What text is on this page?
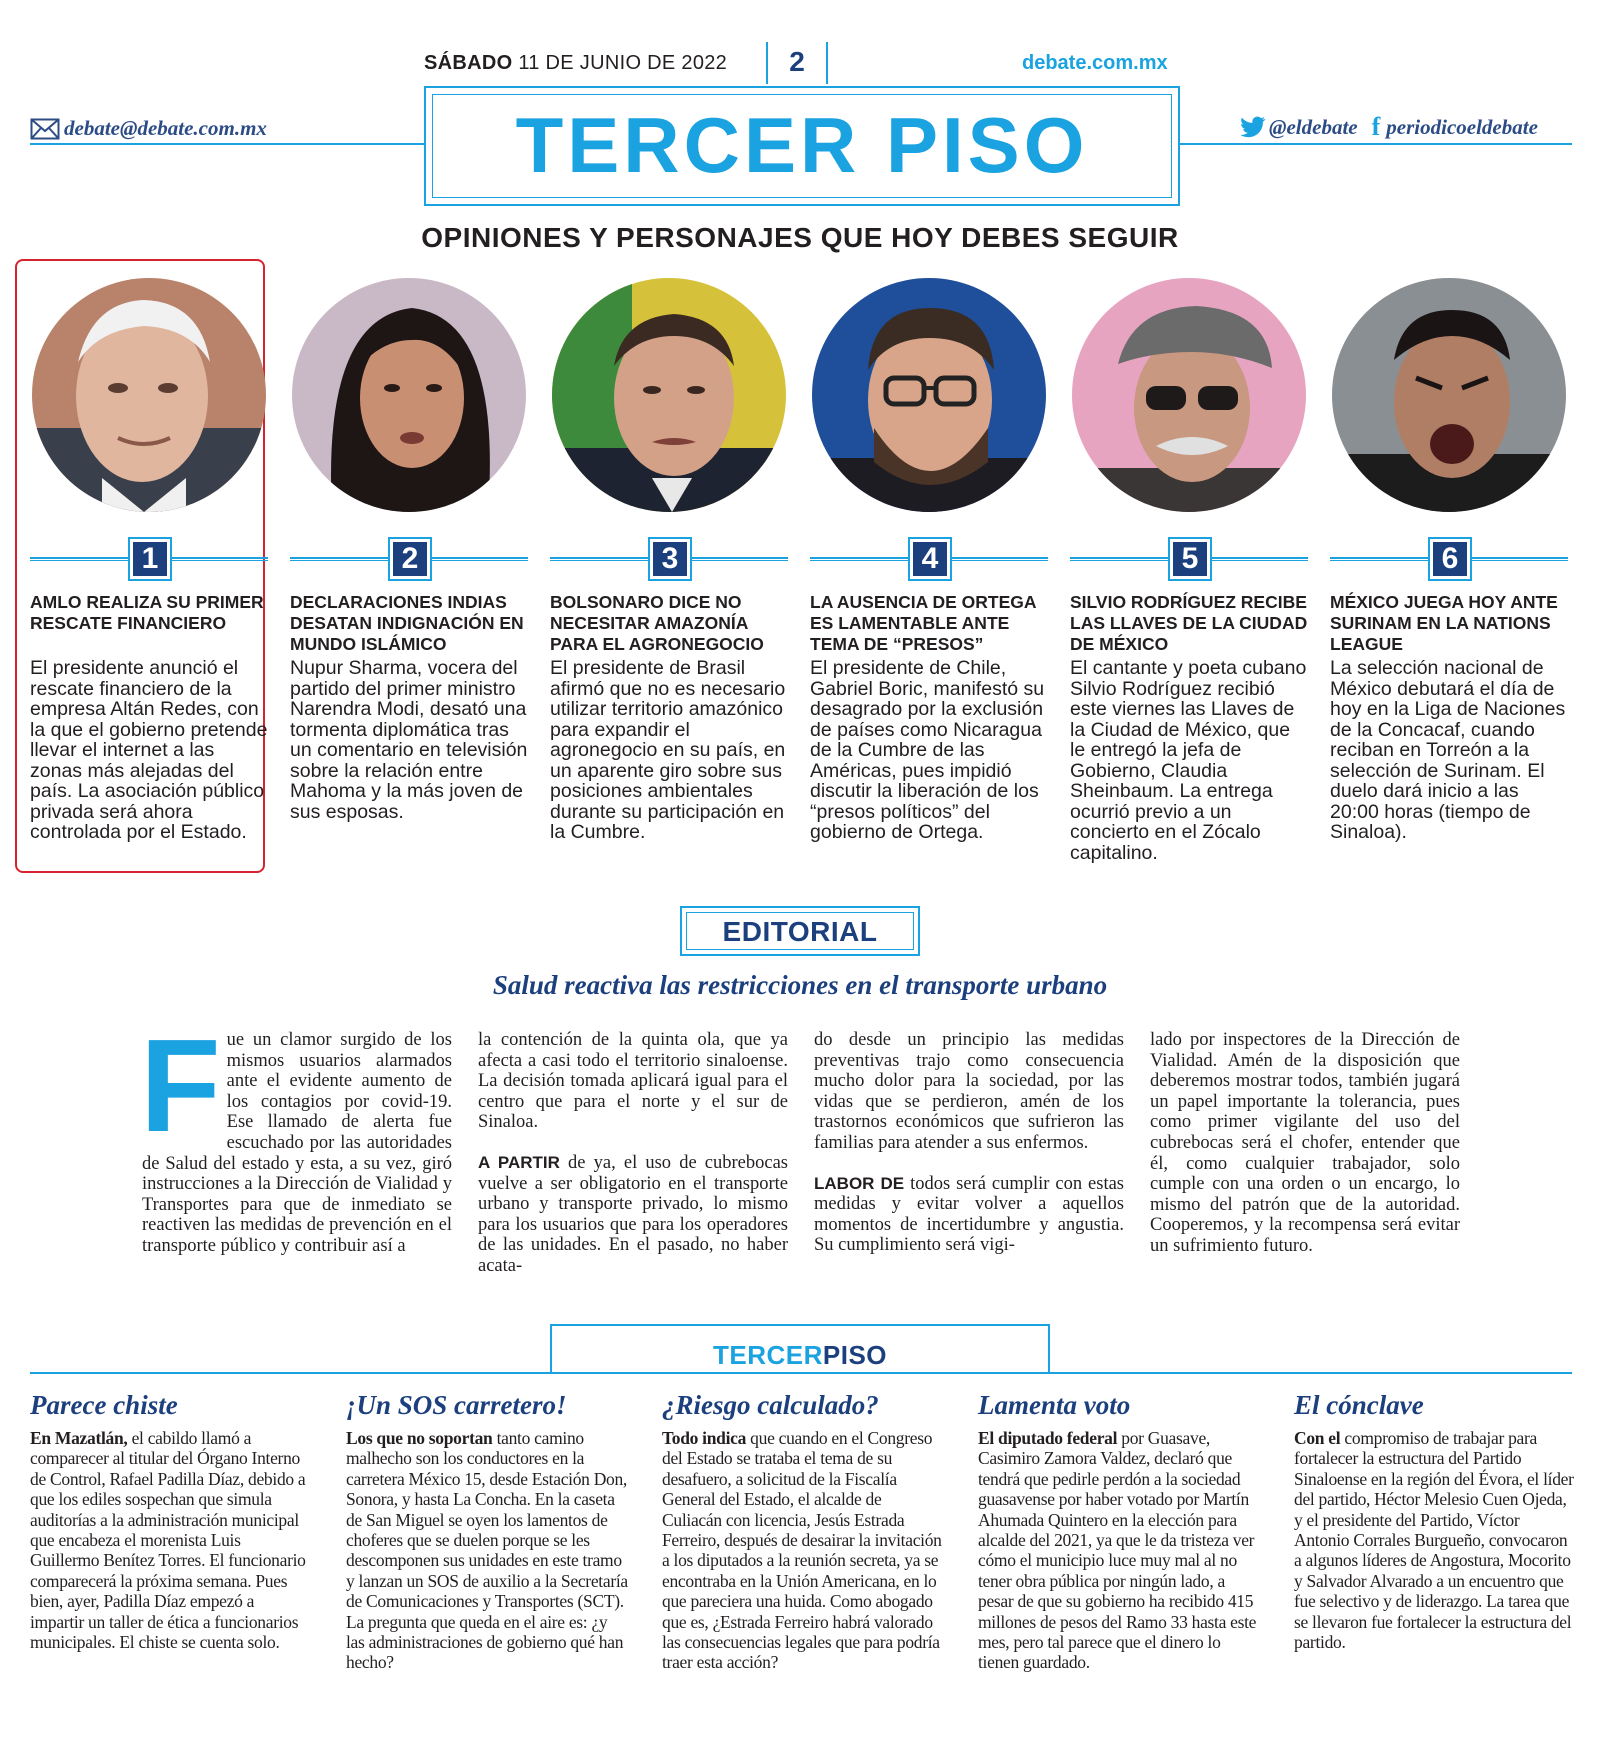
SÁBADO 11 DE JUNIO DE 2022	2	debate.com.mx
TERCER PISO
debate@debate.com.mx	@eldebate f periodicoeldebate
OPINIONES Y PERSONAJES QUE HOY DEBES SEGUIR
1
AMLO REALIZA SU PRIMER RESCATE FINANCIERO
El presidente anunció el rescate financiero de la empresa Altán Redes, con la que el gobierno pretende llevar el internet a las zonas más alejadas del país. La asociación público privada será ahora controlada por el Estado.
2
DECLARACIONES INDIAS DESATAN INDIGNACIÓN EN MUNDO ISLÁMICO
Nupur Sharma, vocera del partido del primer ministro Narendra Modi, desató una tormenta diplomática tras un comentario en televisión sobre la relación entre Mahoma y la más joven de sus esposas.
3
BOLSONARO DICE NO NECESITAR AMAZONÍA PARA EL AGRONEGOCIO
El presidente de Brasil afirmó que no es necesario utilizar territorio amazónico para expandir el agronegocio en su país, en un aparente giro sobre sus posiciones ambientales durante su participación en la Cumbre.
4
LA AUSENCIA DE ORTEGA ES LAMENTABLE ANTE TEMA DE “PRESOS”
El presidente de Chile, Gabriel Boric, manifestó su desagrado por la exclusión de países como Nicaragua de la Cumbre de las Américas, pues impidió discutir la liberación de los “presos políticos” del gobierno de Ortega.
5
SILVIO RODRÍGUEZ RECIBE LAS LLAVES DE LA CIUDAD DE MÉXICO
El cantante y poeta cubano Silvio Rodríguez recibió este viernes las Llaves de la Ciudad de México, que le entregó la jefa de Gobierno, Claudia Sheinbaum. La entrega ocurrió previo a un concierto en el Zócalo capitalino.
6
MÉXICO JUEGA HOY ANTE SURINAM EN LA NATIONS LEAGUE
La selección nacional de México debutará el día de hoy en la Liga de Naciones de la Concacaf, cuando reciban en Torreón a la selección de Surinam. El duelo dará inicio a las 20:00 horas (tiempo de Sinaloa).
EDITORIAL
Salud reactiva las restricciones en el transporte urbano
Fue un clamor surgido de los mismos usuarios alarmados ante el evidente aumento de los contagios por covid-19. Ese llamado de alerta fue escuchado por las autoridades de Salud del estado y esta, a su vez, giró instrucciones a la Dirección de Vialidad y Transportes para que de inmediato se reactiven las medidas de prevención en el transporte público y contribuir así a

la contención de la quinta ola, que ya afecta a casi todo el territorio sinaloense. La decisión tomada aplicará igual para el centro que para el norte y el sur de Sinaloa.

A PARTIR de ya, el uso de cubrebocas vuelve a ser obligatorio en el transporte urbano y transporte privado, lo mismo para los usuarios que para los operadores de las unidades. En el pasado, no haber acata-

do desde un principio las medidas preventivas trajo como consecuencia mucho dolor para la sociedad, por las vidas que se perdieron, amén de los trastornos económicos que sufrieron las familias para atender a sus enfermos.

LABOR DE todos será cumplir con estas medidas y evitar volver a aquellos momentos de incertidumbre y angustia. Su cumplimiento será vigi-

lado por inspectores de la Dirección de Vialidad. Amén de la disposición que deberemos mostrar todos, también jugará un papel importante la tolerancia, pues como primer vigilante del uso del cubrebocas será el chofer, entender que él, como cualquier trabajador, solo cumple con una orden o un encargo, lo mismo del patrón que de la autoridad. Cooperemos, y la recompensa será evitar un sufrimiento futuro.
TERCERPISO
Parece chiste
En Mazatlán, el cabildo llamó a comparecer al titular del Órgano Interno de Control, Rafael Padilla Díaz, debido a que los ediles sospechan que simula auditorías a la administración municipal que encabeza el morenista Luis Guillermo Benítez Torres. El funcionario comparecerá la próxima semana. Pues bien, ayer, Padilla Díaz empezó a impartir un taller de ética a funcionarios municipales. El chiste se cuenta solo.
¡Un SOS carretero!
Los que no soportan tanto camino malhecho son los conductores en la carretera México 15, desde Estación Don, Sonora, y hasta La Concha. En la caseta de San Miguel se oyen los lamentos de choferes que se duelen porque se les descomponen sus unidades en este tramo y lanzan un SOS de auxilio a la Secretaría de Comunicaciones y Transportes (SCT). La pregunta que queda en el aire es: ¿y las administraciones de gobierno qué han hecho?
¿Riesgo calculado?
Todo indica que cuando en el Congreso del Estado se trataba el tema de su desafuero, a solicitud de la Fiscalía General del Estado, el alcalde de Culiacán con licencia, Jesús Estrada Ferreiro, después de desairar la invitación a los diputados a la reunión secreta, ya se encontraba en la Unión Americana, en lo que pareciera una huida. Como abogado que es, ¿Estrada Ferreiro habrá valorado las consecuencias legales que para podría traer esta acción?
Lamenta voto
El diputado federal por Guasave, Casimiro Zamora Valdez, declaró que tendrá que pedirle perdón a la sociedad guasavense por haber votado por Martín Ahumada Quintero en la elección para alcalde del 2021, ya que le da tristeza ver cómo el municipio luce muy mal al no tener obra pública por ningún lado, a pesar de que su gobierno ha recibido 415 millones de pesos del Ramo 33 hasta este mes, pero tal parece que el dinero lo tienen guardado.
El cónclave
Con el compromiso de trabajar para fortalecer la estructura del Partido Sinaloense en la región del Évora, el líder del partido, Héctor Melesio Cuen Ojeda, y el presidente del Partido, Víctor Antonio Corrales Burgueño, convocaron a algunos líderes de Angostura, Mocorito y Salvador Alvarado a un encuentro que fue selectivo y de liderazgo. La tarea que se llevaron fue fortalecer la estructura del partido.
